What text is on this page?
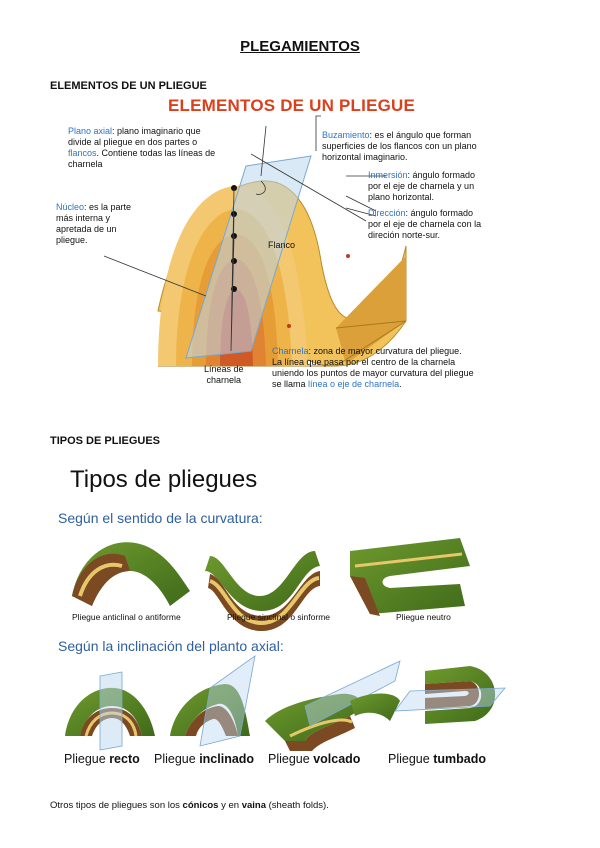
PLEGAMIENTOS
ELEMENTOS DE UN PLIEGUE
ELEMENTOS DE UN PLIEGUE
Plano axial: plano imaginario que
divide al pliegue en dos partes o
flancos. Contiene todas las líneas de
charnela
Núcleo: es la parte
más interna y
apretada de un
pliegue.
Buzamiento: es el ángulo que forman
superficies de los flancos con un plano
horizontal imaginario.
Inmersión: ángulo formado
por el eje de charnela y un
plano horizontal.
Dirección: ángulo formado
por el eje de charnela con la
direción norte-sur.
Flanco
Líneas de
charnela
Charnela: zona de mayor curvatura del pliegue.
La línea que pasa por el centro de la charnela
uniendo los puntos de mayor curvatura del pliegue
se llama línea o eje de charnela.
TIPOS DE PLIEGUES
Tipos de pliegues
Según el sentido de la curvatura:
Pliegue anticlinal o antiforme	Pliegue sinclinal o sinforme	Pliegue neutro
Según la inclinación del planto axial:
Pliegue recto Pliegue inclinado Pliegue volcado Pliegue tumbado
Otros tipos de pliegues son los cónicos y en vaina (sheath folds).
